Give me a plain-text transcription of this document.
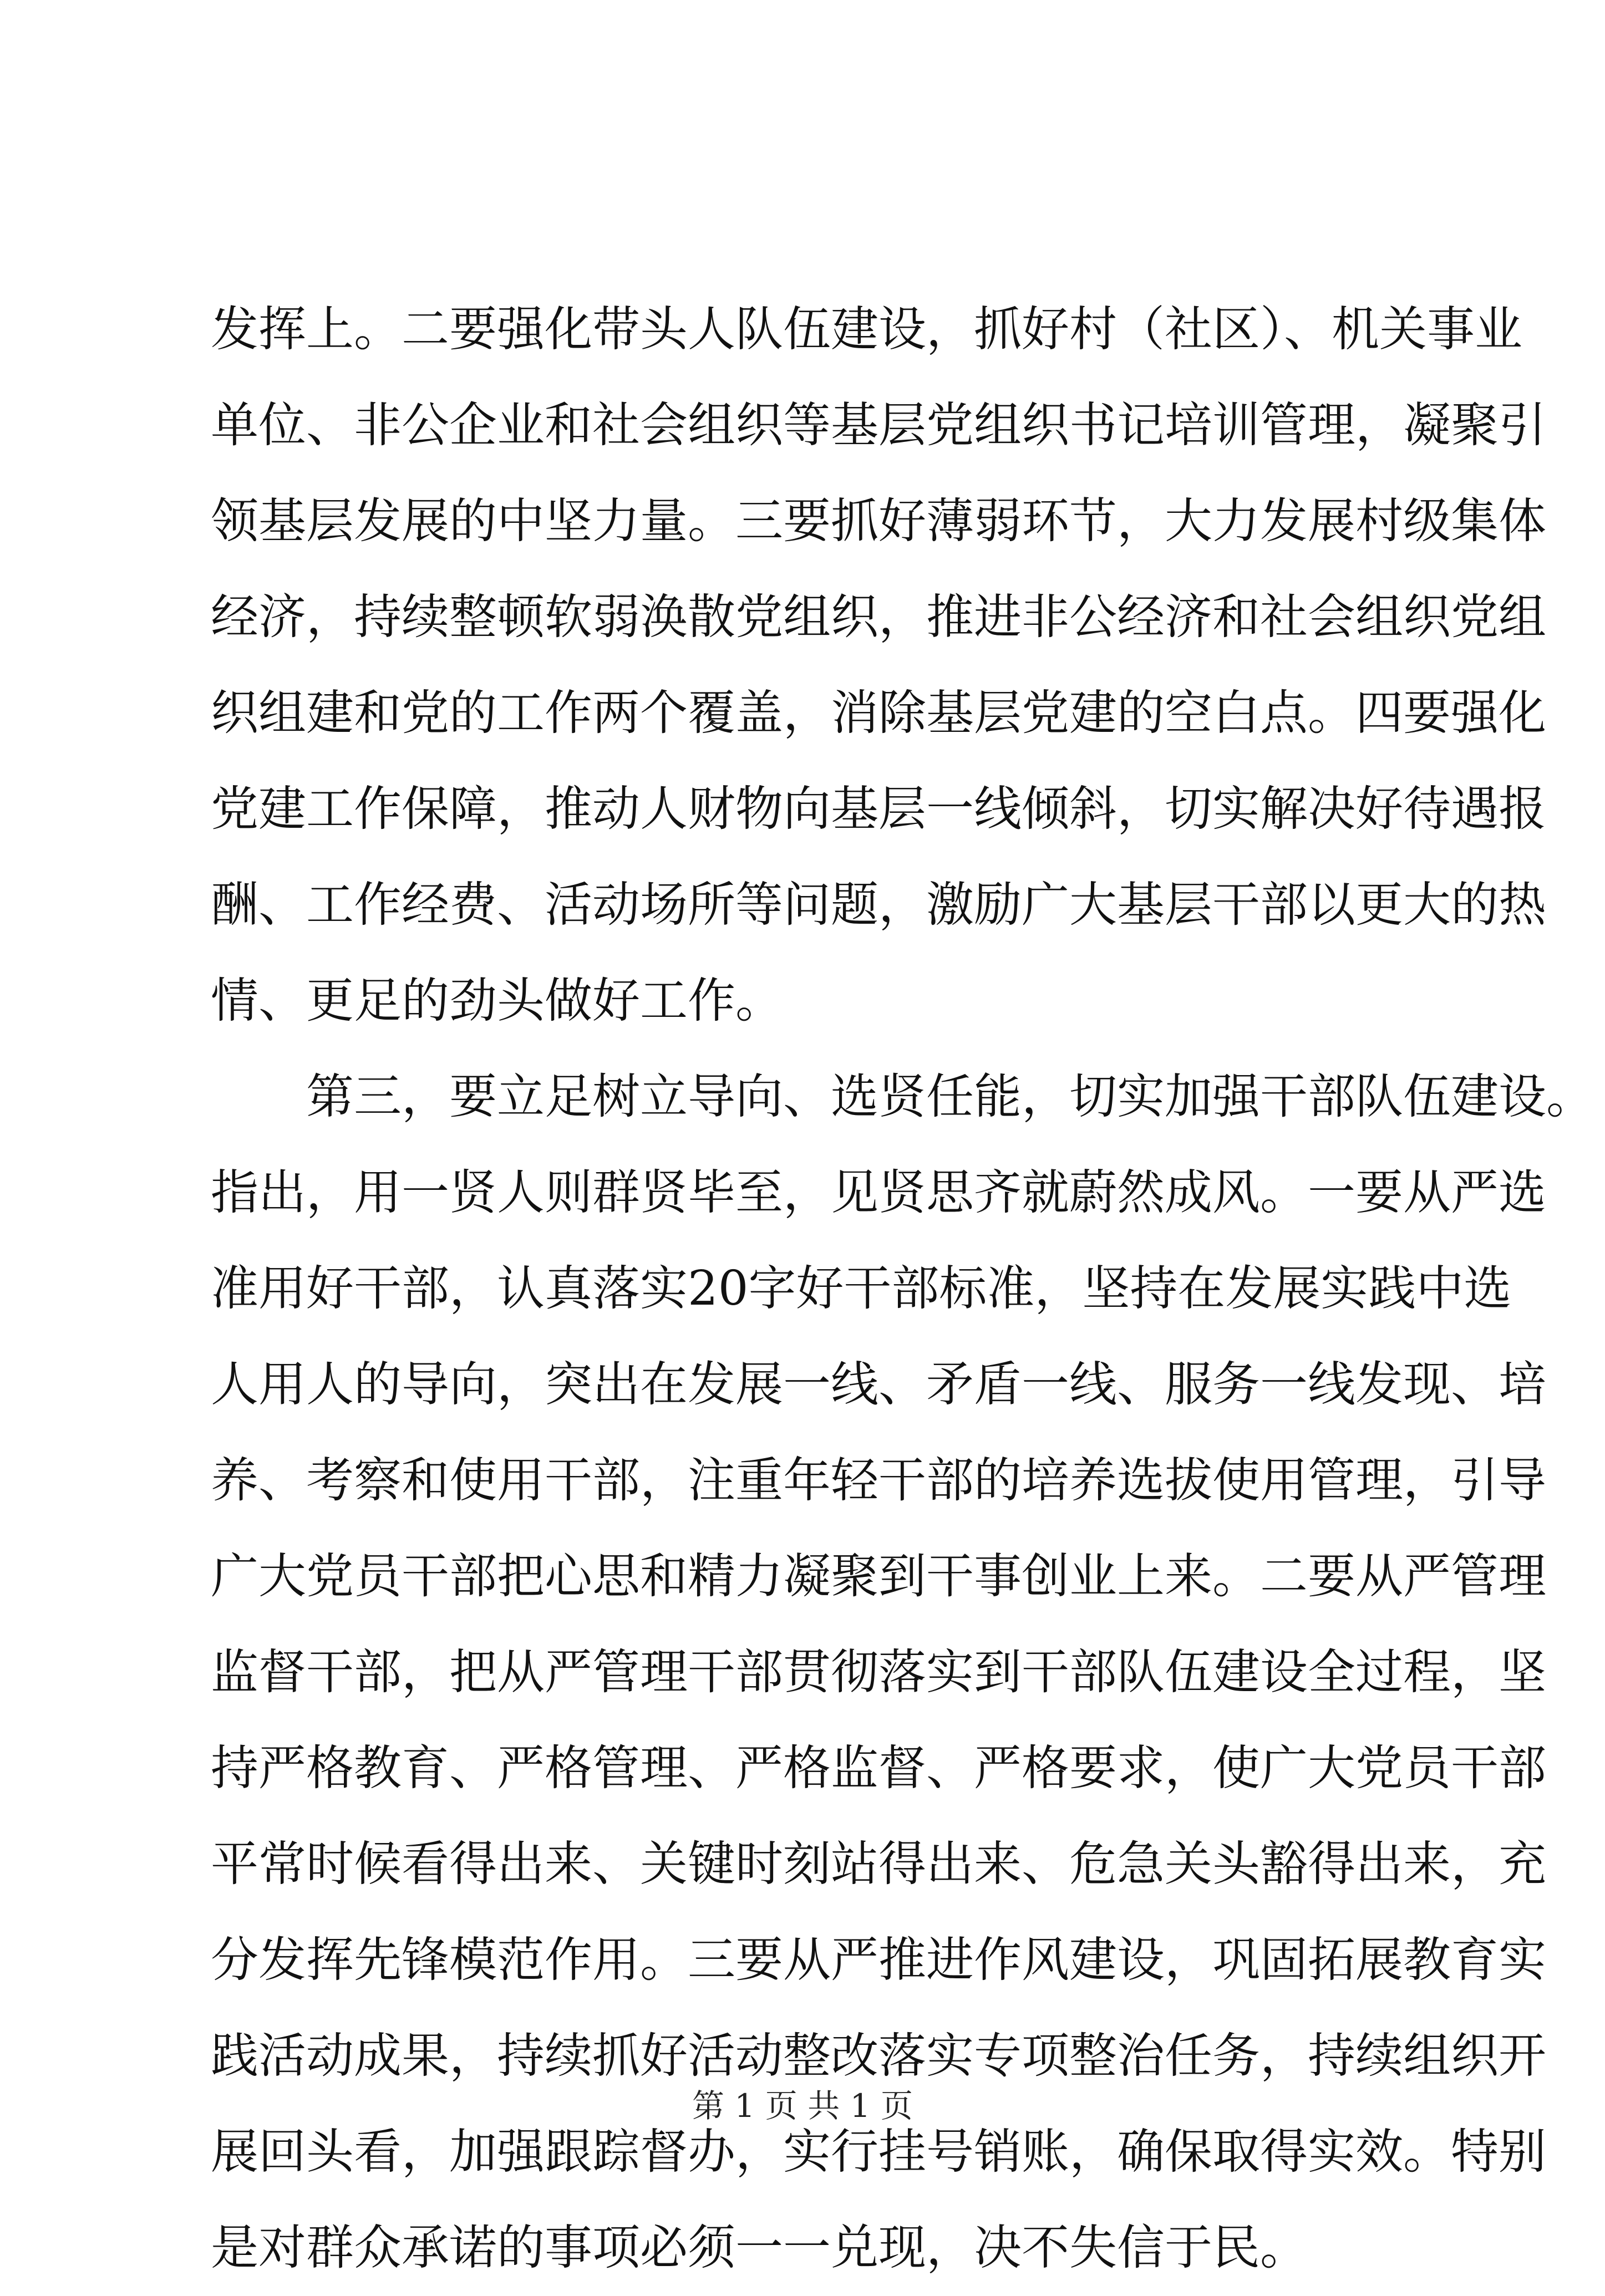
发挥上。二要强化带头人队伍建设，抓好村（社区）、机关事业
单位、非公企业和社会组织等基层党组织书记培训管理，凝聚引
领基层发展的中坚力量。三要抓好薄弱环节，大力发展村级集体
经济，持续整顿软弱涣散党组织，推进非公经济和社会组织党组
织组建和党的工作两个覆盖，消除基层党建的空白点。四要强化
党建工作保障，推动人财物向基层一线倾斜，切实解决好待遇报
酬、工作经费、活动场所等问题，激励广大基层干部以更大的热
情、更足的劲头做好工作。
第三，要立足树立导向、选贤任能，切实加强干部队伍建设。
指出，用一贤人则群贤毕至，见贤思齐就蔚然成风。一要从严选
准用好干部，认真落实20字好干部标准，坚持在发展实践中选
人用人的导向，突出在发展一线、矛盾一线、服务一线发现、培
养、考察和使用干部，注重年轻干部的培养选拔使用管理，引导
广大党员干部把心思和精力凝聚到干事创业上来。二要从严管理
监督干部，把从严管理干部贯彻落实到干部队伍建设全过程，坚
持严格教育、严格管理、严格监督、严格要求，使广大党员干部
平常时候看得出来、关键时刻站得出来、危急关头豁得出来，充
分发挥先锋模范作用。三要从严推进作风建设，巩固拓展教育实
践活动成果，持续抓好活动整改落实专项整治任务，持续组织开
展回头看，加强跟踪督办，实行挂号销账，确保取得实效。特别
是对群众承诺的事项必须一一兑现，决不失信于民。
第 1 页 共 1 页
